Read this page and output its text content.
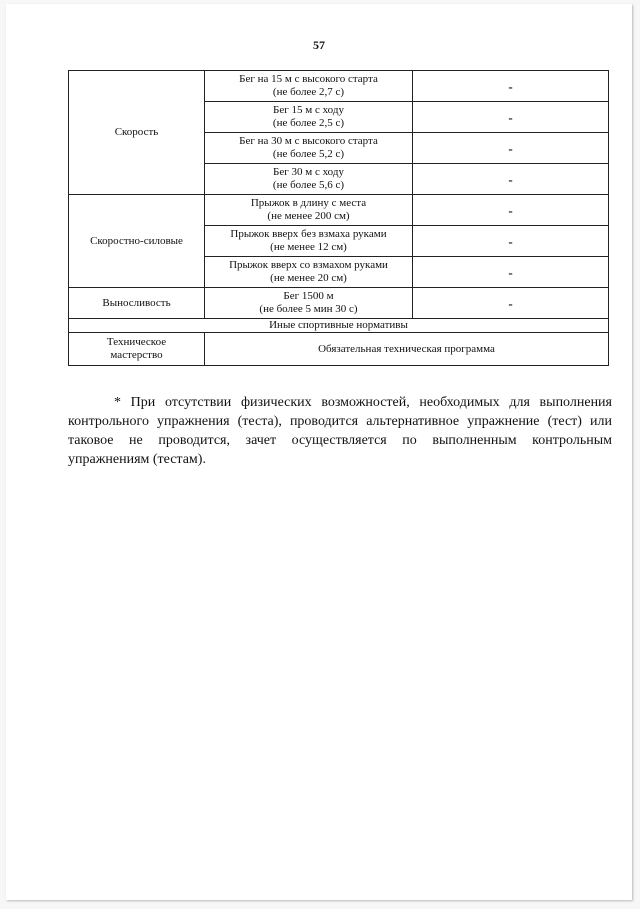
57
Скорость	Бег на 15 м с высокого старта
(не более 2,7 с)	-
	Бег 15 м с ходу
(не более 2,5 с)	-
	Бег на 30 м с высокого старта
(не более 5,2 с)	-
	Бег 30 м с ходу
(не более 5,6 с)	-
Скоростно-силовые	Прыжок в длину с места
(не менее 200 см)	-
	Прыжок вверх без взмаха руками
(не менее 12 см)	-
	Прыжок вверх со взмахом руками
(не менее 20 см)	-
Выносливость	Бег 1500 м
(не более 5 мин 30 с)	-
Иные спортивные нормативы		
Техническое
мастерство	Обязательная техническая программа	

* При отсутствии физических возможностей, необходимых для выполнения контрольного упражнения (теста), проводится альтернативное упражнение (тест) или таковое не проводится, зачет осуществляется по выполненным контрольным упражнениям (тестам).
